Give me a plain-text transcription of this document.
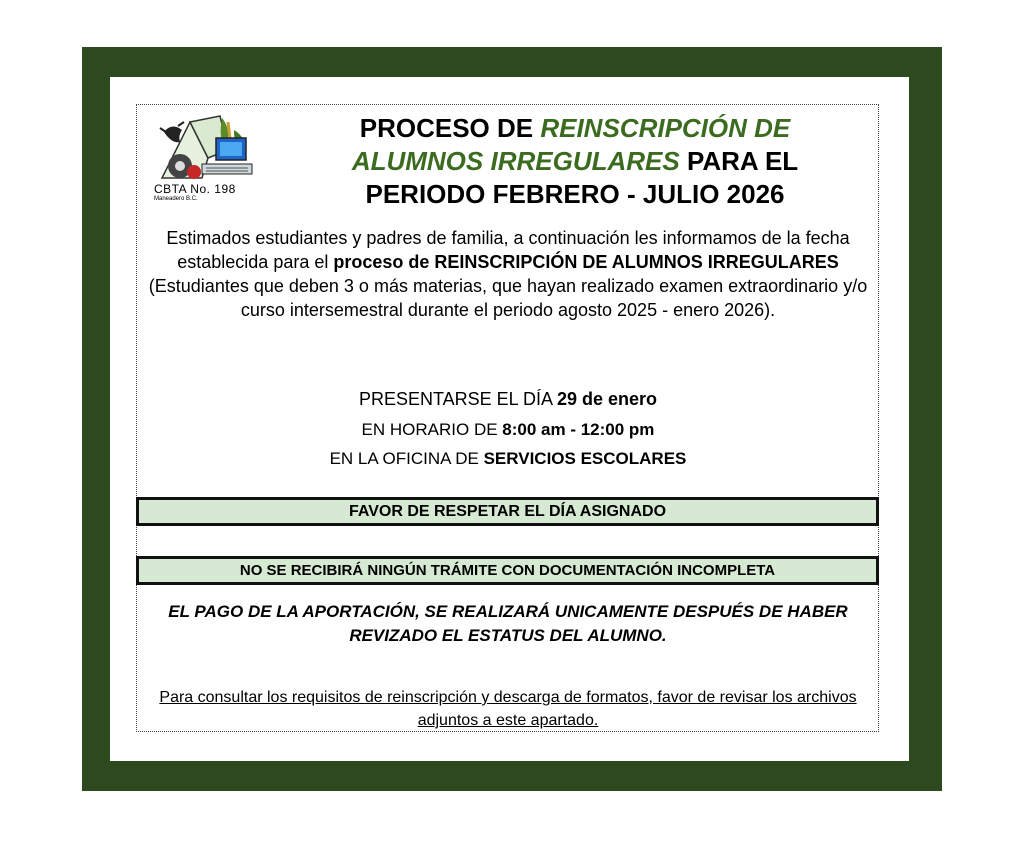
CBTA No. 198
Maneadero B.C.
PROCESO DE REINSCRIPCIÓN DE
ALUMNOS IRREGULARES PARA EL
PERIODO FEBRERO - JULIO 2026
Estimados estudiantes y padres de familia, a continuación les informamos de la fecha establecida para el proceso de REINSCRIPCIÓN DE ALUMNOS IRREGULARES (Estudiantes que deben 3 o más materias, que hayan realizado examen extraordinario y/o curso intersemestral durante el periodo agosto 2025 - enero 2026).
PRESENTARSE EL DÍA 29 de enero
EN HORARIO DE 8:00 am - 12:00 pm
EN LA OFICINA DE SERVICIOS ESCOLARES
FAVOR DE RESPETAR EL DÍA ASIGNADO
NO SE RECIBIRÁ NINGÚN TRÁMITE CON DOCUMENTACIÓN INCOMPLETA
EL PAGO DE LA APORTACIÓN, SE REALIZARÁ UNICAMENTE DESPUÉS DE HABER REVIZADO EL ESTATUS DEL ALUMNO.
Para consultar los requisitos de reinscripción y descarga de formatos, favor de revisar los archivos adjuntos a este apartado.
